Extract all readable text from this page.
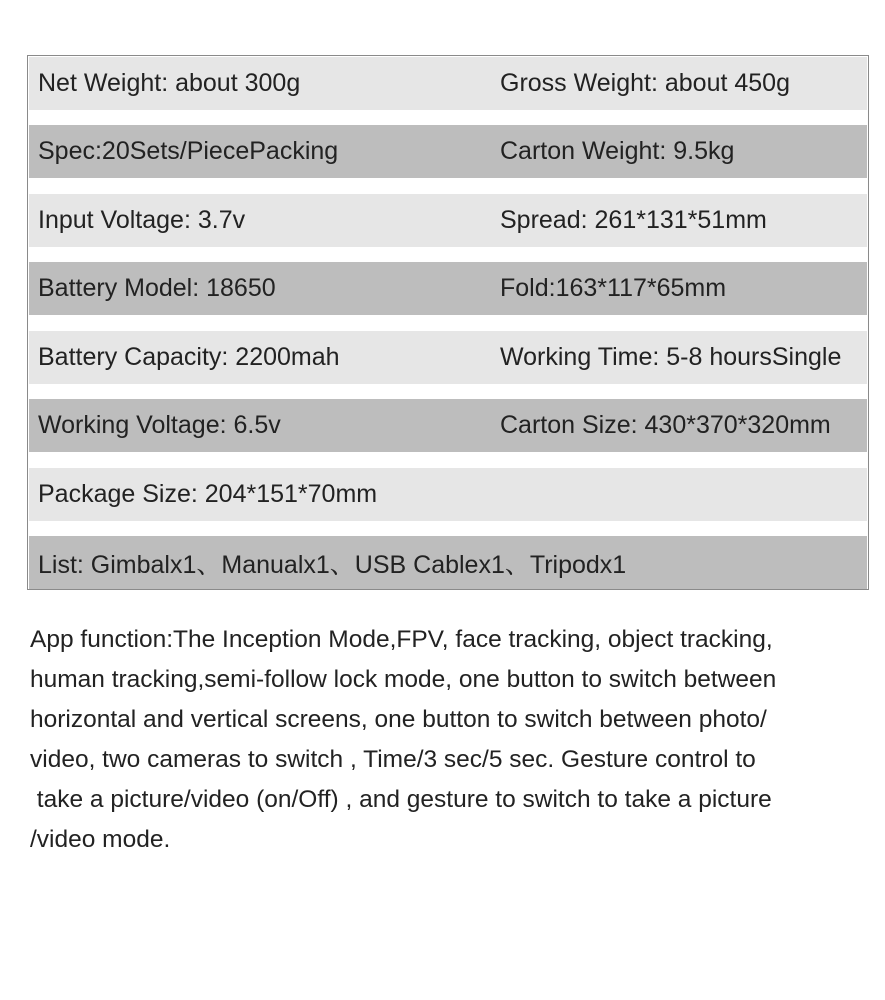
Net Weight: about 300g	Gross Weight: about 450g
Spec:20Sets/PiecePacking	Carton Weight: 9.5kg
Input Voltage: 3.7v	Spread: 261*131*51mm
Battery Model: 18650	Fold:163*117*65mm
Battery Capacity: 2200mah	Working Time: 5-8 hoursSingle
Working Voltage: 6.5v	Carton Size: 430*370*320mm
Package Size: 204*151*70mm
List: Gimbalx1、Manualx1、USB Cablex1、Tripodx1
App function:The Inception Mode,FPV, face tracking, object tracking,
human tracking,semi-follow lock mode, one button to switch between
horizontal and vertical screens, one button to switch between photo/
video, two cameras to switch , Time/3 sec/5 sec. Gesture control to
take a picture/video (on/Off) , and gesture to switch to take a picture
/video mode.
